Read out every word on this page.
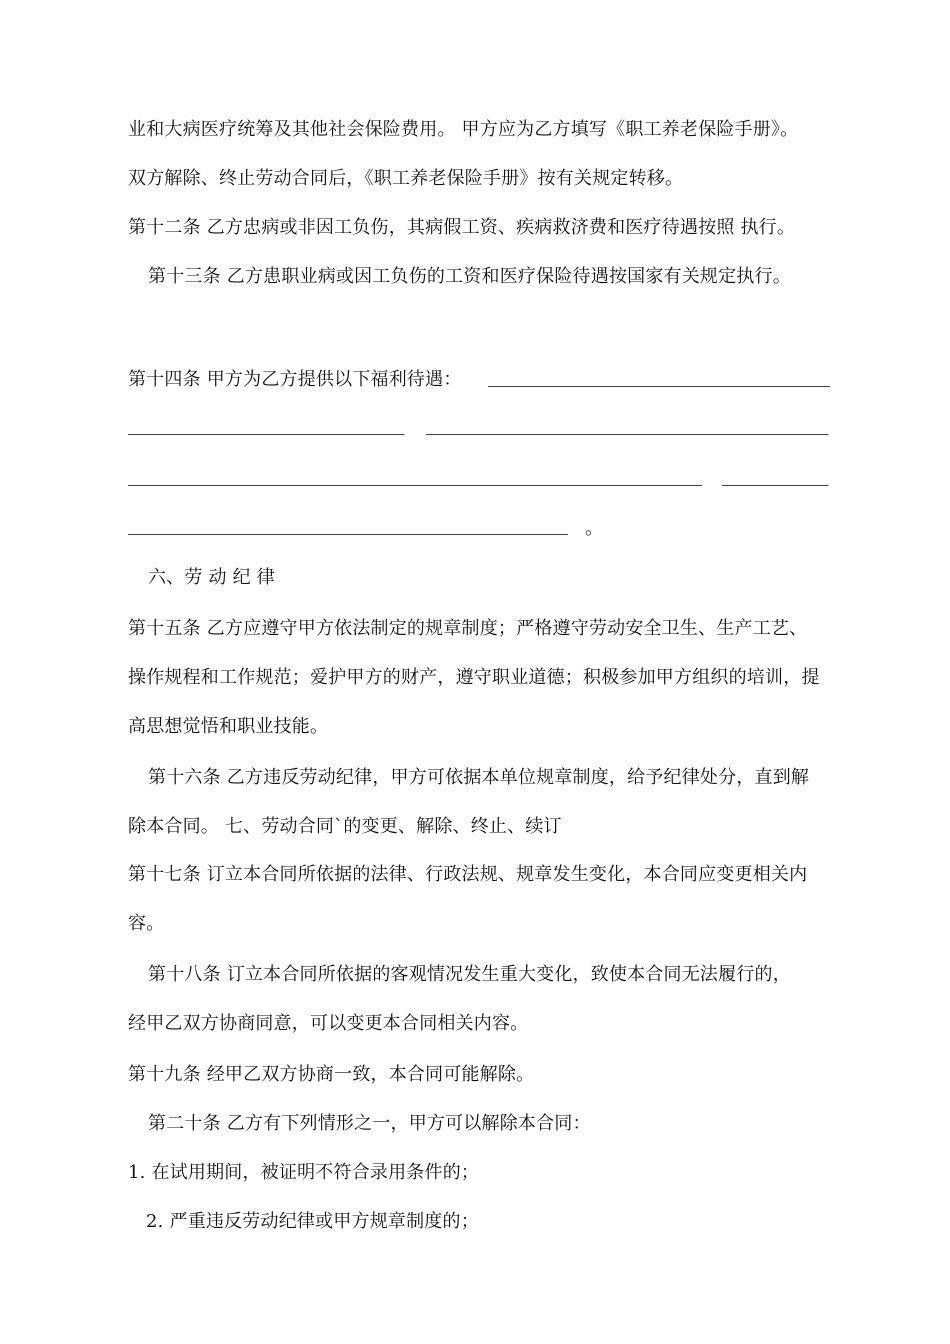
业和大病医疗统筹及其他社会保险费用。 甲方应为乙方填写《职工养老保险手册》。
双方解除、终止劳动合同后，《职工养老保险手册》按有关规定转移。
第十二条 乙方忠病或非因工负伤，其病假工资、疾病救济费和医疗待遇按照 执行。
第十三条 乙方患职业病或因工负伤的工资和医疗保险待遇按国家有关规定执行。
第十四条 甲方为乙方提供以下福利待遇：
。
六、劳 动 纪 律
第十五条 乙方应遵守甲方依法制定的规章制度；严格遵守劳动安全卫生、生产工艺、
操作规程和工作规范；爱护甲方的财产，遵守职业道德；积极参加甲方组织的培训，提
高思想觉悟和职业技能。
第十六条 乙方违反劳动纪律，甲方可依据本单位规章制度，给予纪律处分，直到解
除本合同。 七、劳动合同`的变更、解除、终止、续订
第十七条 订立本合同所依据的法律、行政法规、规章发生变化，本合同应变更相关内
容。
第十八条 订立本合同所依据的客观情况发生重大变化，致使本合同无法履行的，
经甲乙双方协商同意，可以变更本合同相关内容。
第十九条 经甲乙双方协商一致，本合同可能解除。
第二十条 乙方有下列情形之一，甲方可以解除本合同：
1. 在试用期间，被证明不符合录用条件的；
2. 严重违反劳动纪律或甲方规章制度的；
